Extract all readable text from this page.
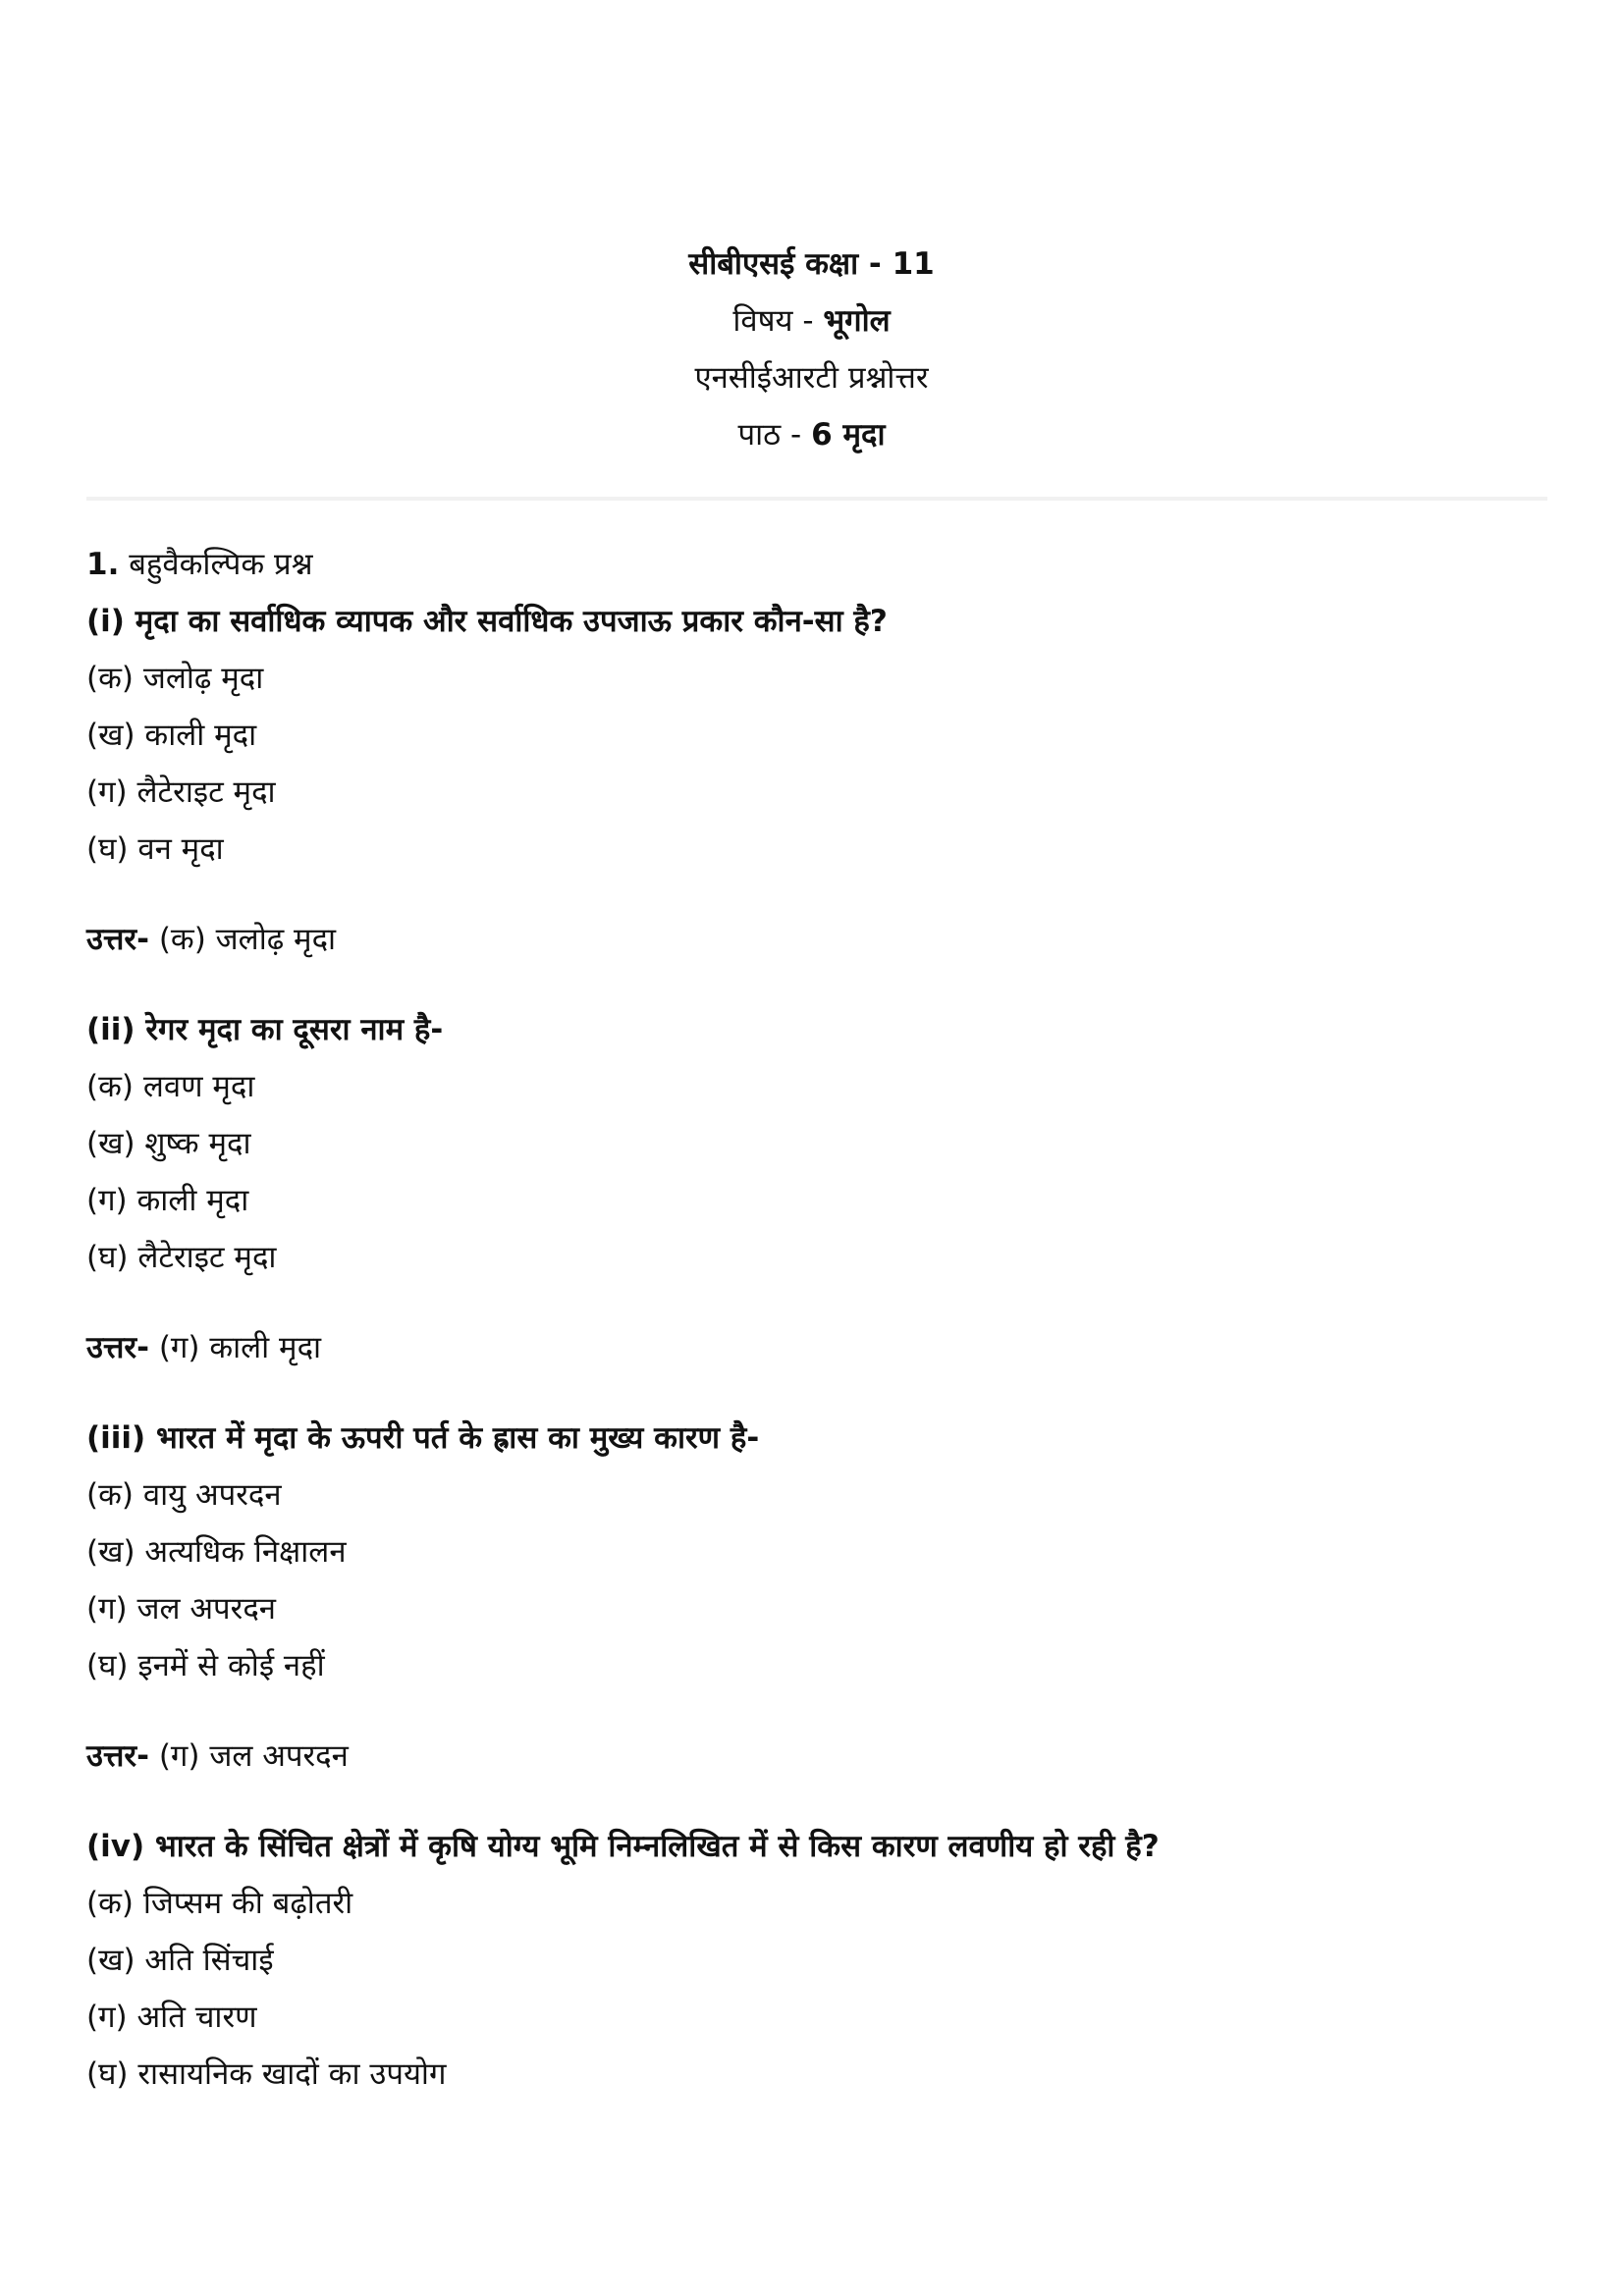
सीबीएसई कक्षा - 11
विषय - भूगोल
एनसीईआरटी प्रश्नोत्तर
पाठ - 6 मृदा
1. बहुवैकल्पिक प्रश्न
(i) मृदा का सर्वाधिक व्यापक और सर्वाधिक उपजाऊ प्रकार कौन-सा है?
(क) जलोढ़ मृदा
(ख) काली मृदा
(ग) लैटेराइट मृदा
(घ) वन मृदा
उत्तर- (क) जलोढ़ मृदा
(ii) रेगर मृदा का दूसरा नाम है-
(क) लवण मृदा
(ख) शुष्क मृदा
(ग) काली मृदा
(घ) लैटेराइट मृदा
उत्तर- (ग) काली मृदा
(iii) भारत में मृदा के ऊपरी पर्त के ह्रास का मुख्य कारण है-
(क) वायु अपरदन
(ख) अत्यधिक निक्षालन
(ग) जल अपरदन
(घ) इनमें से कोई नहीं
उत्तर- (ग) जल अपरदन
(iv) भारत के सिंचित क्षेत्रों में कृषि योग्य भूमि निम्नलिखित में से किस कारण लवणीय हो रही है?
(क) जिप्सम की बढ़ोतरी
(ख) अति सिंचाई
(ग) अति चारण
(घ) रासायनिक खादों का उपयोग
